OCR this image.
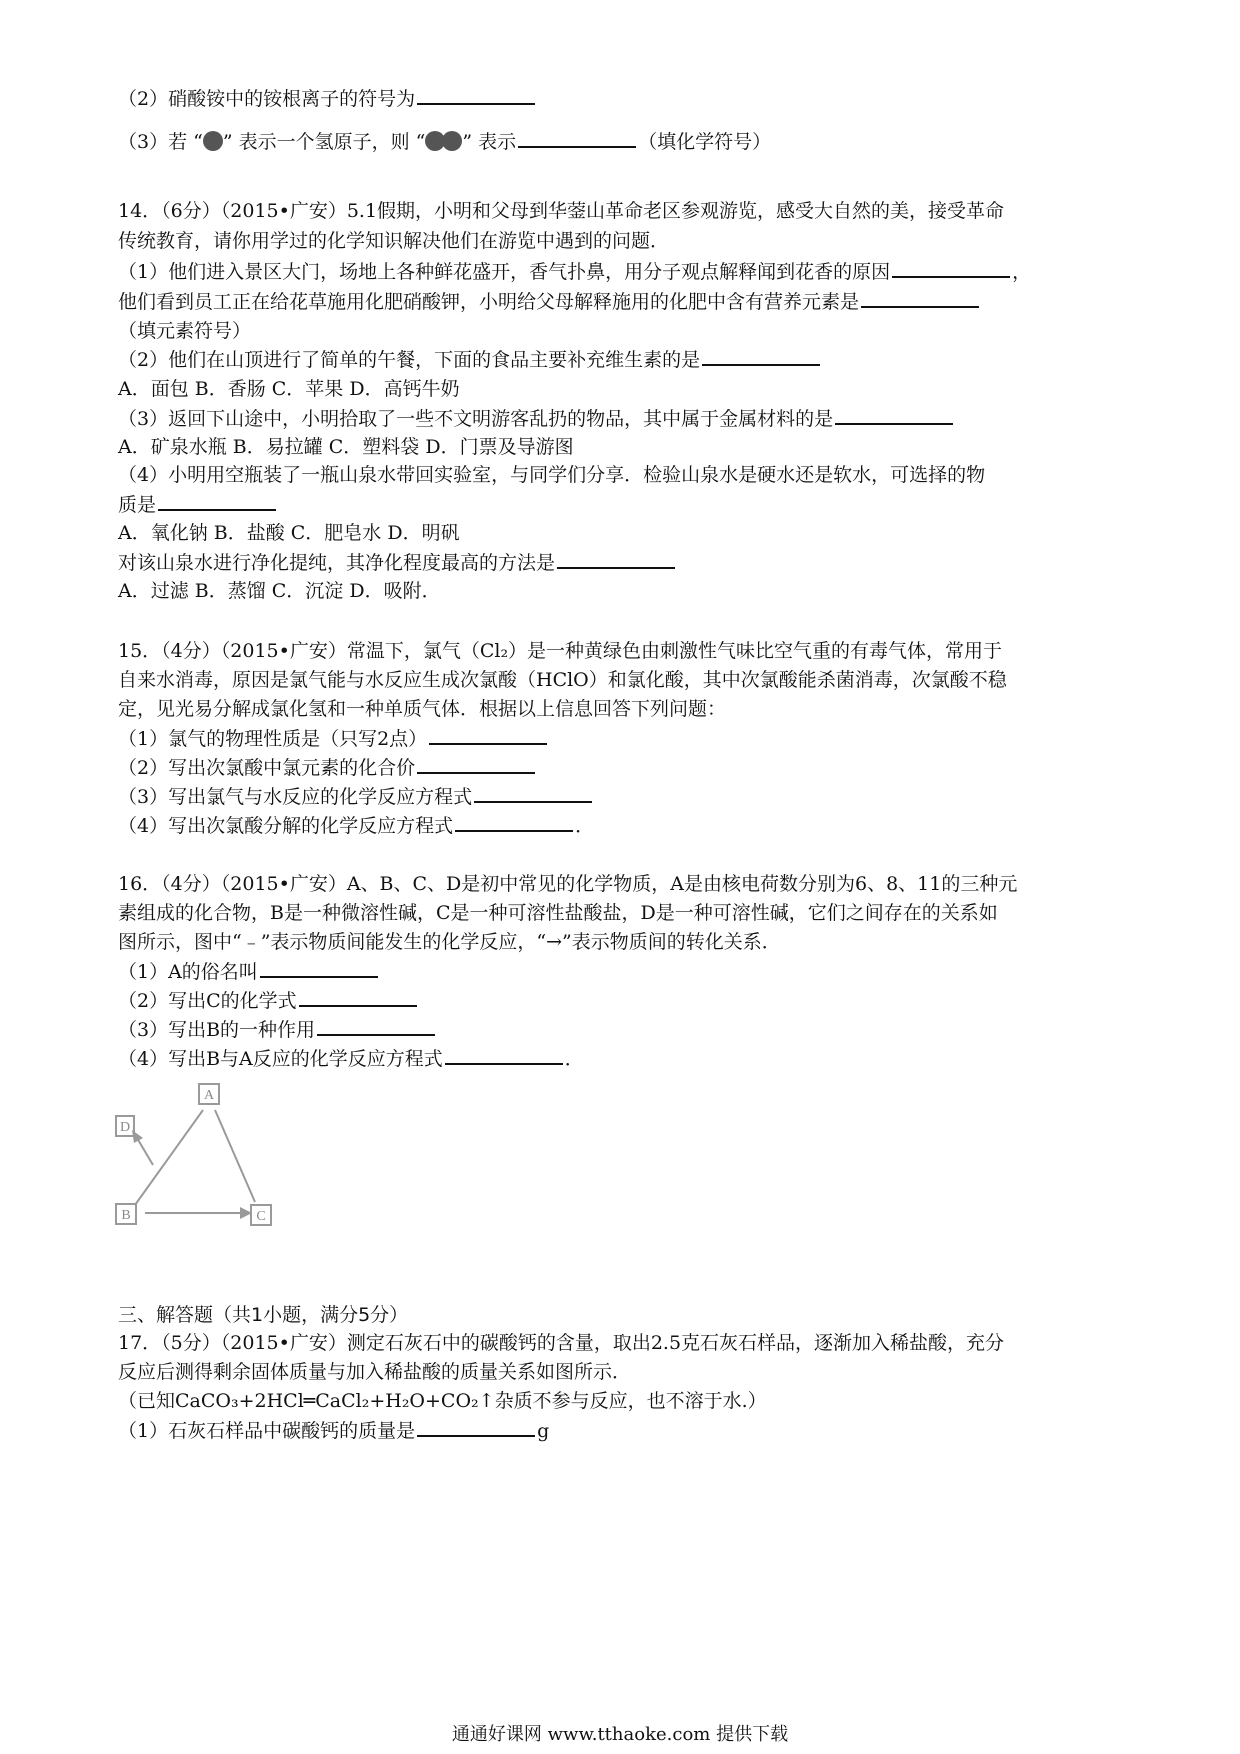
（2）硝酸铵中的铵根离子的符号为
（3）若 “ ” 表示一个氢原子，则 “ ” 表示	（填化学符号）
14．（6分）（2015•广安）5.1假期，小明和父母到华蓥山革命老区参观游览，感受大自然的美，接受革命
传统教育，请你用学过的化学知识解决他们在游览中遇到的问题．
（1）他们进入景区大门，场地上各种鲜花盛开，香气扑鼻，用分子观点解释闻到花香的原因	，
他们看到员工正在给花草施用化肥硝酸钾，小明给父母解释施用的化肥中含有营养元素是
（填元素符号）
（2）他们在山顶进行了简单的午餐，下面的食品主要补充维生素的是
A．面包 B．香肠 C．苹果 D．高钙牛奶
（3）返回下山途中，小明拾取了一些不文明游客乱扔的物品，其中属于金属材料的是
A．矿泉水瓶 B．易拉罐 C．塑料袋 D．门票及导游图
（4）小明用空瓶装了一瓶山泉水带回实验室，与同学们分享．检验山泉水是硬水还是软水，可选择的物
质是
A．氧化钠 B．盐酸 C．肥皂水 D．明矾
对该山泉水进行净化提纯，其净化程度最高的方法是
A．过滤 B．蒸馏 C．沉淀 D．吸附．
15．（4分）（2015•广安）常温下，氯气（Cl₂）是一种黄绿色由刺激性气味比空气重的有毒气体，常用于
自来水消毒，原因是氯气能与水反应生成次氯酸（HClO）和氯化酸，其中次氯酸能杀菌消毒，次氯酸不稳
定，见光易分解成氯化氢和一种单质气体．根据以上信息回答下列问题：
（1）氯气的物理性质是（只写2点）
（2）写出次氯酸中氯元素的化合价
（3）写出氯气与水反应的化学反应方程式
（4）写出次氯酸分解的化学反应方程式	．
16．（4分）（2015•广安）A、B、C、D是初中常见的化学物质，A是由核电荷数分别为6、8、11的三种元
素组成的化合物，B是一种微溶性碱，C是一种可溶性盐酸盐，D是一种可溶性碱，它们之间存在的关系如
图所示，图中“﹣”表示物质间能发生的化学反应，“→”表示物质间的转化关系．
（1）A的俗名叫
（2）写出C的化学式
（3）写出B的一种作用
（4）写出B与A反应的化学反应方程式	．
A
D
B	C
三、解答题（共1小题，满分5分）
17．（5分）（2015•广安）测定石灰石中的碳酸钙的含量，取出2.5克石灰石样品，逐渐加入稀盐酸，充分
反应后测得剩余固体质量与加入稀盐酸的质量关系如图所示．
（已知CaCO₃+2HCl═CaCl₂+H₂O+CO₂↑杂质不参与反应，也不溶于水.）
（1）石灰石样品中碳酸钙的质量是	g
通通好课网 www.tthaoke.com 提供下载
